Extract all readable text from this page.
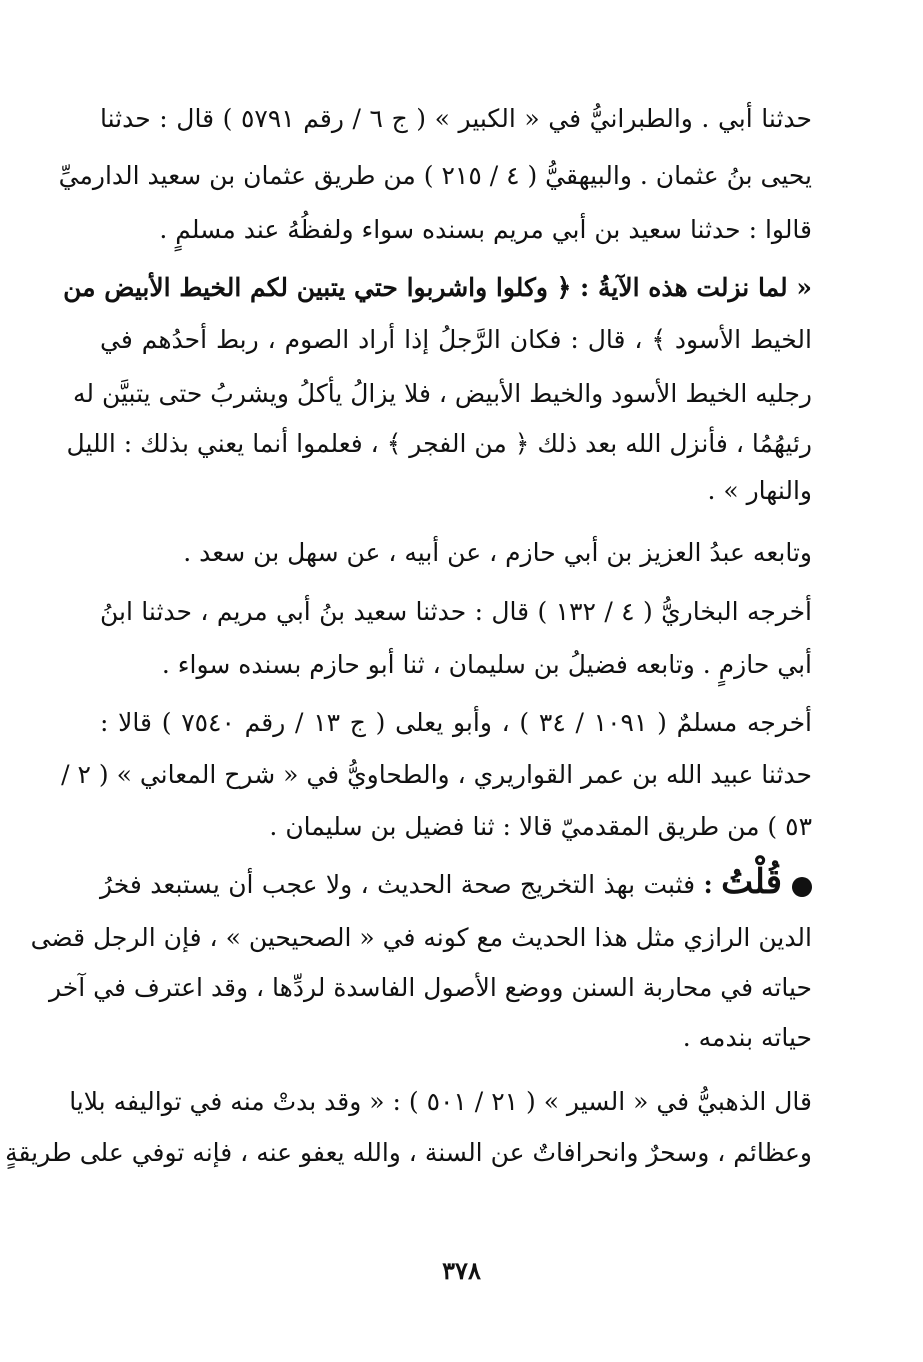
حدثنا أبي . والطبرانيُّ في « الكبير » ( ج ٦ / رقم ٥٧٩١ ) قال : حدثنا
يحيى بنُ عثمان . والبيهقيُّ ( ٤ / ٢١٥ ) من طريق عثمان بن سعيد الدارميِّ
قالوا : حدثنا سعيد بن أبي مريم بسنده سواء ولفظُهُ عند مسلمٍ .
« لما نزلت هذه الآيةُ : ﴿ وكلوا واشربوا حتي يتبين لكم الخيط الأبيض من
الخيط الأسود ﴾ ، قال : فكان الرَّجلُ إذا أراد الصوم ، ربط أحدُهم في
رجليه الخيط الأسود والخيط الأبيض ، فلا يزالُ يأكلُ ويشربُ حتى يتبيَّن له
رئيهُمُا ، فأنزل الله بعد ذلك ﴿ من الفجر ﴾ ، فعلموا أنما يعني بذلك : الليل
والنهار » .
وتابعه عبدُ العزيز بن أبي حازم ، عن أبيه ، عن سهل بن سعد .
أخرجه البخاريُّ ( ٤ / ١٣٢ ) قال : حدثنا سعيد بنُ أبي مريم ، حدثنا ابنُ
أبي حازمٍ . وتابعه فضيلُ بن سليمان ، ثنا أبو حازم بسنده سواء .
أخرجه مسلمٌ ( ١٠٩١ / ٣٤ ) ، وأبو يعلى ( ج ١٣ / رقم ٧٥٤٠ ) قالا :
حدثنا عبيد الله بن عمر القواريري ، والطحاويُّ في « شرح المعاني » ( ٢ /
٥٣ ) من طريق المقدميّ قالا : ثنا فضيل بن سليمان .
قُلْتُ : فثبت بهذ التخريج صحة الحديث ، ولا عجب أن يستبعد فخرُ
الدين الرازي مثل هذا الحديث مع كونه في « الصحيحين » ، فإن الرجل قضى
حياته في محاربة السنن ووضع الأصول الفاسدة لردِّها ، وقد اعترف في آخر
حياته بندمه .
قال الذهبيُّ في « السير » ( ٢١ / ٥٠١ ) : « وقد بدتْ منه في تواليفه بلايا
وعظائم ، وسحرٌ وانحرافاتٌ عن السنة ، والله يعفو عنه ، فإنه توفي على طريقةٍ
٣٧٨
